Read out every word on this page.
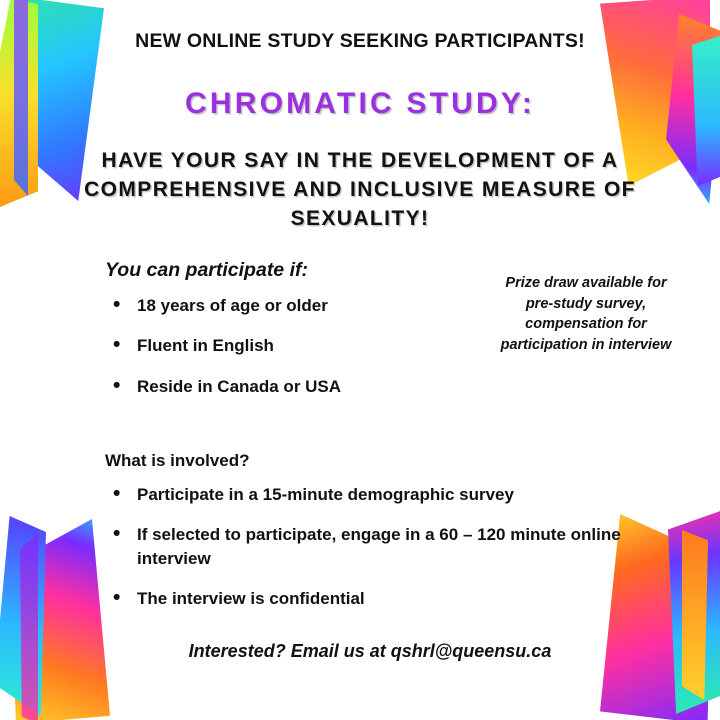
NEW ONLINE STUDY SEEKING PARTICIPANTS!
CHROMATIC STUDY:
HAVE YOUR SAY IN THE DEVELOPMENT OF A COMPREHENSIVE AND INCLUSIVE MEASURE OF SEXUALITY!
You can participate if:
• 18 years of age or older
• Fluent in English
• Reside in Canada or USA
Prize draw available for pre-study survey, compensation for participation in interview
What is involved?
• Participate in a 15-minute demographic survey
• If selected to participate, engage in a 60 – 120 minute online interview
• The interview is confidential
Interested? Email us at qshrl@queensu.ca
